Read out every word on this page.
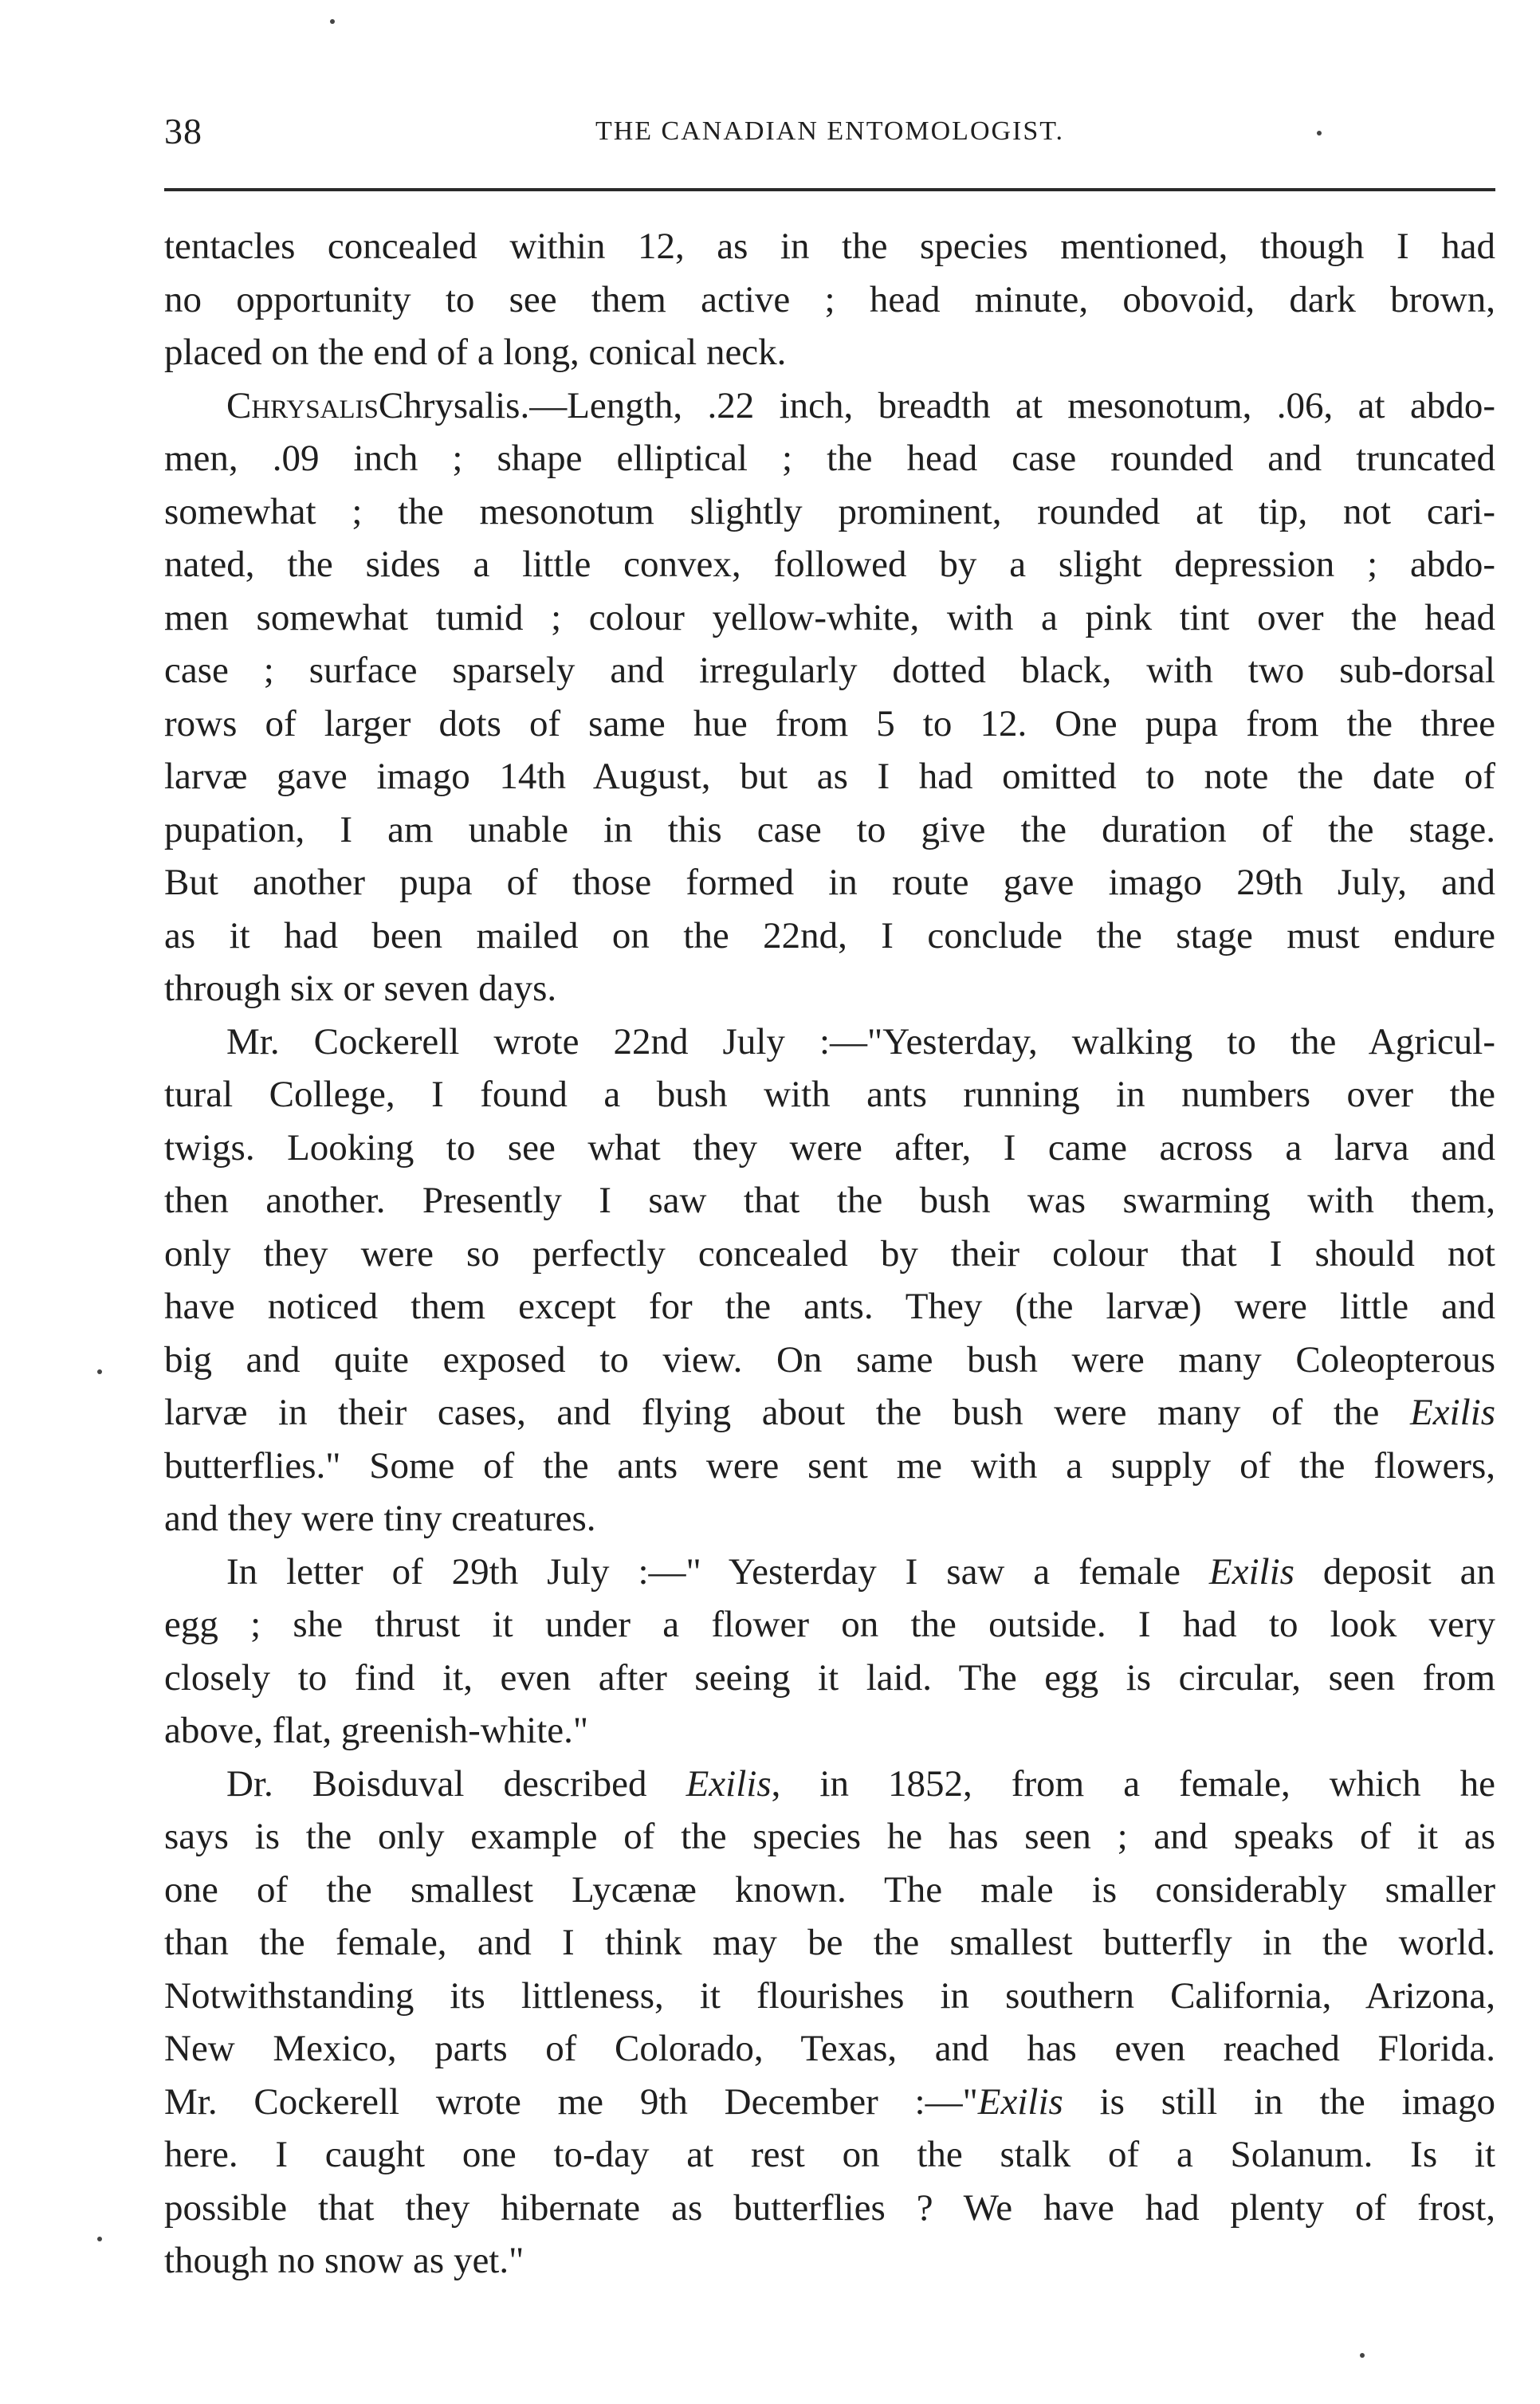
38	THE CANADIAN ENTOMOLOGIST.
tentacles concealed within 12, as in the species mentioned, though I had
no opportunity to see them active ; head minute, obovoid, dark brown,
placed on the end of a long, conical neck.
ChrysalisChrysalis.—Length, .22 inch, breadth at mesonotum, .06, at abdo-
men, .09 inch ; shape elliptical ; the head case rounded and truncated
somewhat ; the mesonotum slightly prominent, rounded at tip, not cari-
nated, the sides a little convex, followed by a slight depression ; abdo-
men somewhat tumid ; colour yellow-white, with a pink tint over the head
case ; surface sparsely and irregularly dotted black, with two sub-dorsal
rows of larger dots of same hue from 5 to 12. One pupa from the three
larvæ gave imago 14th August, but as I had omitted to note the date of
pupation, I am unable in this case to give the duration of the stage.
But another pupa of those formed in route gave imago 29th July, and
as it had been mailed on the 22nd, I conclude the stage must endure
through six or seven days.
Mr. Cockerell wrote 22nd July :—"Yesterday, walking to the Agricul-
tural College, I found a bush with ants running in numbers over the
twigs. Looking to see what they were after, I came across a larva and
then another. Presently I saw that the bush was swarming with them,
only they were so perfectly concealed by their colour that I should not
have noticed them except for the ants. They (the larvæ) were little and
big and quite exposed to view. On same bush were many Coleopterous
larvæ in their cases, and flying about the bush were many of the Exilis
butterflies." Some of the ants were sent me with a supply of the flowers,
and they were tiny creatures.
In letter of 29th July :—" Yesterday I saw a female Exilis deposit an
egg ; she thrust it under a flower on the outside. I had to look very
closely to find it, even after seeing it laid. The egg is circular, seen from
above, flat, greenish-white."
Dr. Boisduval described Exilis, in 1852, from a female, which he
says is the only example of the species he has seen ; and speaks of it as
one of the smallest Lycænæ known. The male is considerably smaller
than the female, and I think may be the smallest butterfly in the world.
Notwithstanding its littleness, it flourishes in southern California, Arizona,
New Mexico, parts of Colorado, Texas, and has even reached Florida.
Mr. Cockerell wrote me 9th December :—"Exilis is still in the imago
here. I caught one to-day at rest on the stalk of a Solanum. Is it
possible that they hibernate as butterflies ? We have had plenty of frost,
though no snow as yet."
